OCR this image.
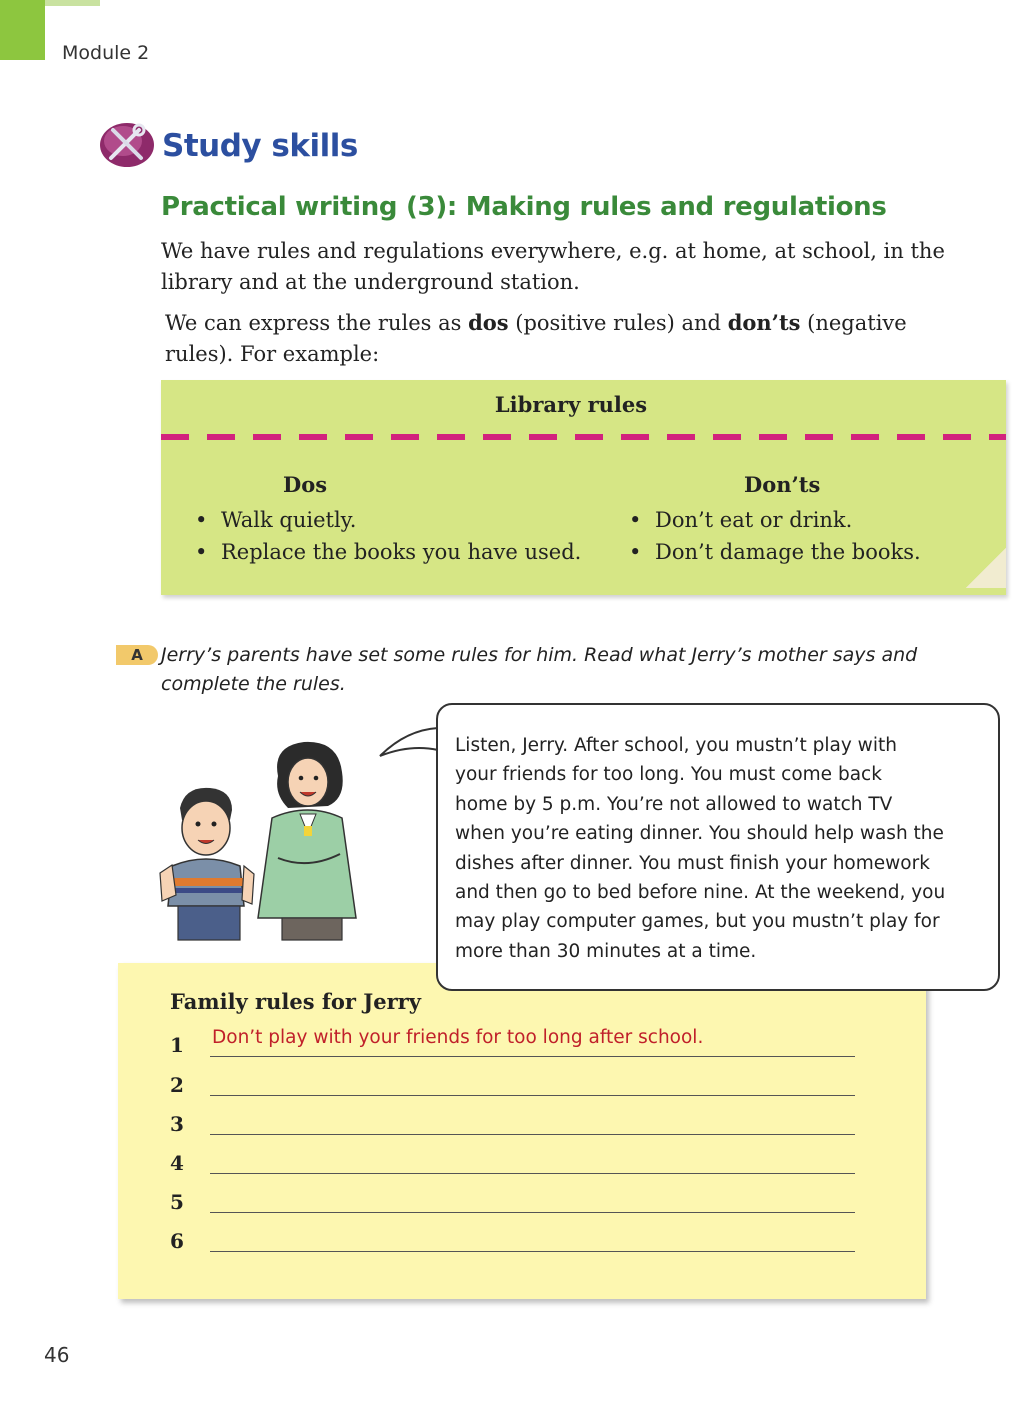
Module 2
Study skills
Practical writing (3): Making rules and regulations
We have rules and regulations everywhere, e.g. at home, at school, in the library and at the underground station.
We can express the rules as dos (positive rules) and don’ts (negative rules). For example:
Library rules
Dos	Don’ts
• Walk quietly.
• Replace the books you have used.
• Don’t eat or drink.
• Don’t damage the books.
A Jerry’s parents have set some rules for him. Read what Jerry’s mother says and complete the rules.
Family rules for Jerry
1	Don’t play with your friends for too long after school.
2
3
4
5
6
Listen, Jerry. After school, you mustn’t play with
your friends for too long. You must come back
home by 5 p.m. You’re not allowed to watch TV
when you’re eating dinner. You should help wash the
dishes after dinner. You must finish your homework
and then go to bed before nine. At the weekend, you
may play computer games, but you mustn’t play for
more than 30 minutes at a time.
46
